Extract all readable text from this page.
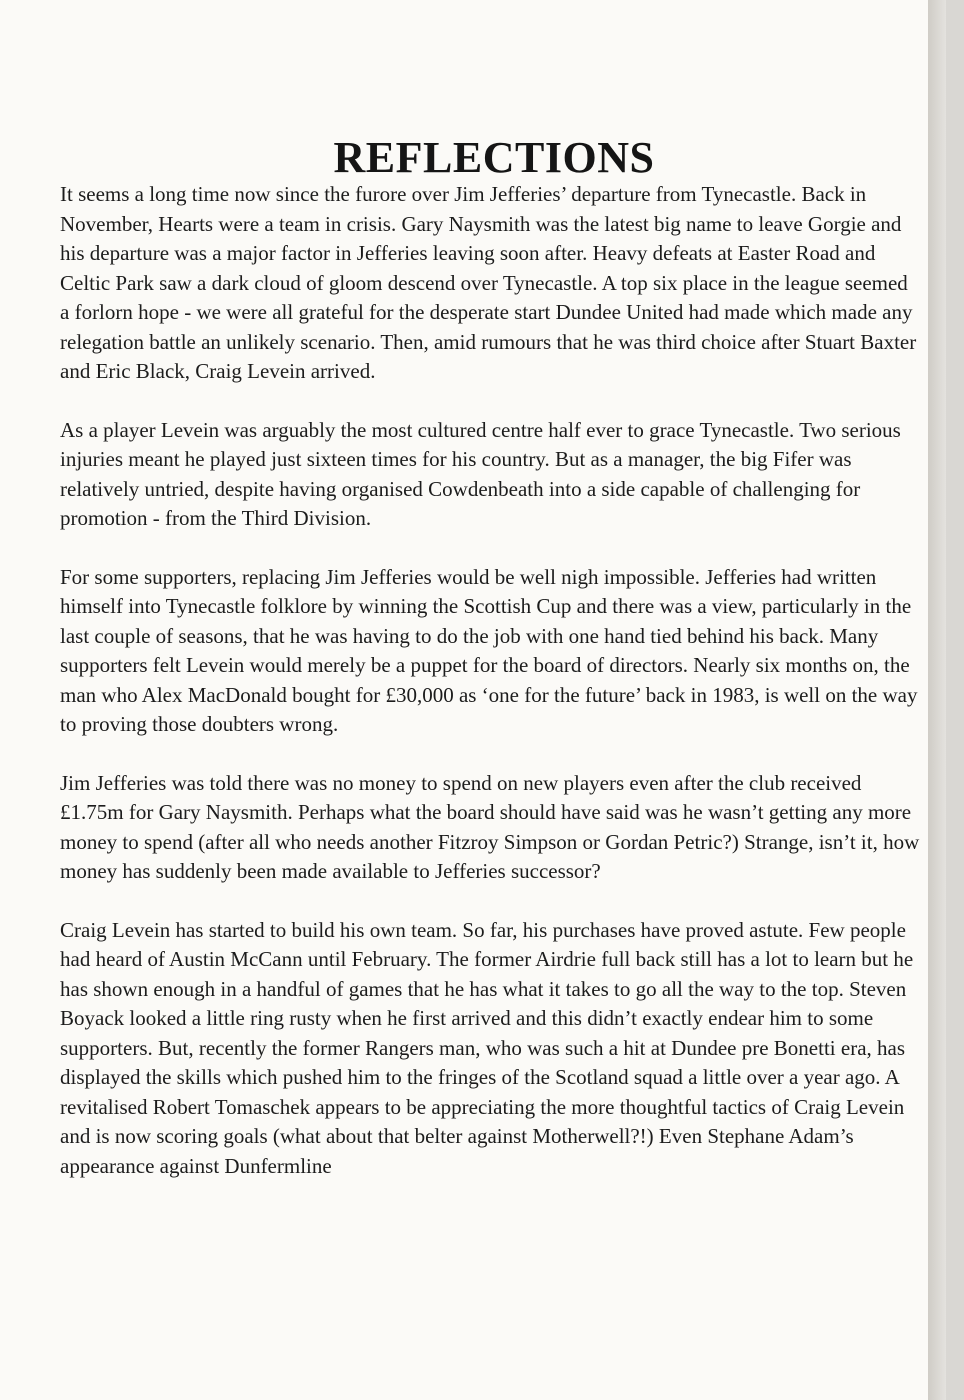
REFLECTIONS

It seems a long time now since the furore over Jim Jefferies’ departure from Tynecastle. Back in November, Hearts were a team in crisis. Gary Naysmith was the latest big name to leave Gorgie and his departure was a major factor in Jefferies leaving soon after. Heavy defeats at Easter Road and Celtic Park saw a dark cloud of gloom descend over Tynecastle. A top six place in the league seemed a forlorn hope - we were all grateful for the desperate start Dundee United had made which made any relegation battle an unlikely scenario. Then, amid rumours that he was third choice after Stuart Baxter and Eric Black, Craig Levein arrived.

As a player Levein was arguably the most cultured centre half ever to grace Tynecastle. Two serious injuries meant he played just sixteen times for his country. But as a manager, the big Fifer was relatively untried, despite having organised Cowdenbeath into a side capable of challenging for promotion - from the Third Division.

For some supporters, replacing Jim Jefferies would be well nigh impossible. Jefferies had written himself into Tynecastle folklore by winning the Scottish Cup and there was a view, particularly in the last couple of seasons, that he was having to do the job with one hand tied behind his back. Many supporters felt Levein would merely be a puppet for the board of directors. Nearly six months on, the man who Alex MacDonald bought for £30,000 as ‘one for the future’ back in 1983, is well on the way to proving those doubters wrong.

Jim Jefferies was told there was no money to spend on new players even after the club received £1.75m for Gary Naysmith. Perhaps what the board should have said was he wasn’t getting any more money to spend (after all who needs another Fitzroy Simpson or Gordan Petric?) Strange, isn’t it, how money has suddenly been made available to Jefferies successor?

Craig Levein has started to build his own team. So far, his purchases have proved astute. Few people had heard of Austin McCann until February. The former Airdrie full back still has a lot to learn but he has shown enough in a handful of games that he has what it takes to go all the way to the top. Steven Boyack looked a little ring rusty when he first arrived and this didn’t exactly endear him to some supporters. But, recently the former Rangers man, who was such a hit at Dundee pre Bonetti era, has displayed the skills which pushed him to the fringes of the Scotland squad a little over a year ago. A revitalised Robert Tomaschek appears to be appreciating the more thoughtful tactics of Craig Levein and is now scoring goals (what about that belter against Motherwell?!) Even Stephane Adam’s appearance against Dunfermline
